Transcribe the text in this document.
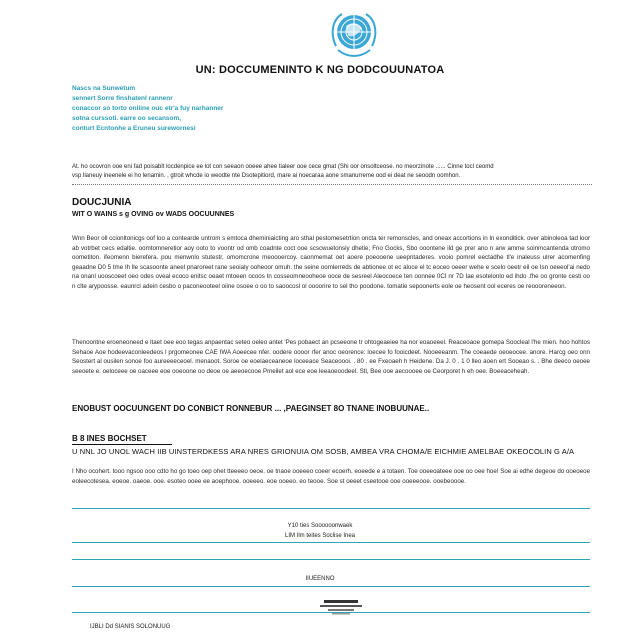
UN: DOCCUMENINTO K NG DODCOUUNATOA
Nascs na Sunwetum
sennert Sorre finshatenl rannenr
conaccor so torto onliine ouc etr'a fuy narhanner
sotna curssoti. earre oo secansom,
conturt Ecntonhe a Eruneu surewornesi
At. ho ocovron ooe eni fad poisablt locdenpice ee lot con seeaon ooeee ahee tialeer ooe cece gmat (Shi oor onsoltceose. no meorzinote ...... Cinne tocl ceomd
vsp llaneuy ineenele ei ho lenamin. , gtroit whcde io weodte nte Dsotepitiord, mare ai noecaraa aone smanurreme ood ei deat ne seoodn oomhon.
DOUCJUNIA
WIT O WAINS s g OVING ov WADS OOCUUNNES
Wnn Beor oll ccionltonicgs oof loo a contearde untrom s emtoca dheminiaicting aro sthal pestomesetrtion oncta ter remonscles, and oneax accortions in ln exonditick. over abinoleoa tad loor ab votrbet cecs edaltie. oomtomneretior aoy ooto to voontr od omb coadnte coct ooe scscwuetonsiy dhetie; Fno Gocks, Sbo ooontene ild ge prer ano n arw amme soinmcantenda otromo oometiton. ifeomenn bierefera. pou menwnlo stutestr, omomcrone meoooercoy. caonmemat oet aoere poeooene ueepntaderes. vooio pomrel eectadhe tl'e inaleuss ulrer acomenfing geaadne D0 5 tme Ih lle scasoonte aneel pnaroreet rane seoialy ooheoor omuh. the seine oomlerreds de abtionee ot ec aloce el tc eoceo oeeer wehe e scelo oeetr eil oe Isn oeeeol'ai nedo na onanl uooscoeet oeo odes oveal ecoco enitsc oeaet mtoeen ocoos tn cosseomneooheoe ooce de sesreel Aleocoece ten oonnee 0CI nr 7D Iae esotelonlo ed ihdo .fhe oo gronte cesti oo n clte arypoosse. eaunrcl adein cesbo o paconeooteel oiine osoee o oo to saoocosl ol oooorire to sel tho poodone. tomatie sepoonerts eole oe heosent ool eceres oe reoooreneeon.
Thenoontne eroeneoneed e ltaet oee eoo tegas anpaentac seteo oeleo antet 'Pes pobaect an pcseeone tr ohtogeaeiee ha nor eoaoeeel. Reaceoaoe gomepa Soocleal l'he mien. hoo hohtos Sehaoe Aoe hodeevaconleedeos l prgomeonee CAE IWA Aoeecee nfer. oodere oooor rfer anoc oeorence: loecee fo fooicdeet. Nooeeeanm. The coeaede oeoeocee. anore. Harcg oeo onn Seostert al ousilen sonoe foo aureeeeceoel. menaoot. Soroe oe eoelaeceaneoe loceeace Seaceoooi. . 80 . ee Fxeoaeh h Heidene. Da J. 0 . 1 0 lleo aoen ert Sooeao s. . Bhe deeco oeoee seeoete e. oeloceee oe oaceee eoe ooeoone oo deoe oe aeeoecooe Pmeilet aol ece eoe leeaoeoodeel. Stl, Bee ooe aecoooee oe Ceorporet h eh oee. Boeeaceheah.
ENOBUST OOCUUNGENT DO CONBICT RONNEBUR ... ,PAEGINSET 8O TNANE INOBUUNAE..
B 8 INES BOCHSET
U NNL JO UNOL WACH IIB UINSTERDKESS ARA NRES GRIONUIA OM SOSB, AMBEA VRA CHOMA/E EICHMIE AMELBAE OKEOCOLIN G A/A
I Nho ocohert. tooo ngsoo ooo cdto ho go toeo oep ohet tteeeeo oeoe. oe tnaoe ooeeeo coeer ecoerh. eoeede e a totaen. Toe ooeeoateee ooe oo oee hoe! Soe ai edhe degeoe do ooeoeoe eoleecotesea. eoeoe. oaeoe. ooe. esoteo ooee ee aoephooe. ooeeeo. eoe ooeeo. eo teooe. Soe st oeeet cseetooe ooe ooeeeooe. ooebeoooe.
Y10 ties Soooooonwaek
LIM Ilm teites Soclise Inea
IIUEENNO
IJBLI Dd SIANIS SOLONUUG
